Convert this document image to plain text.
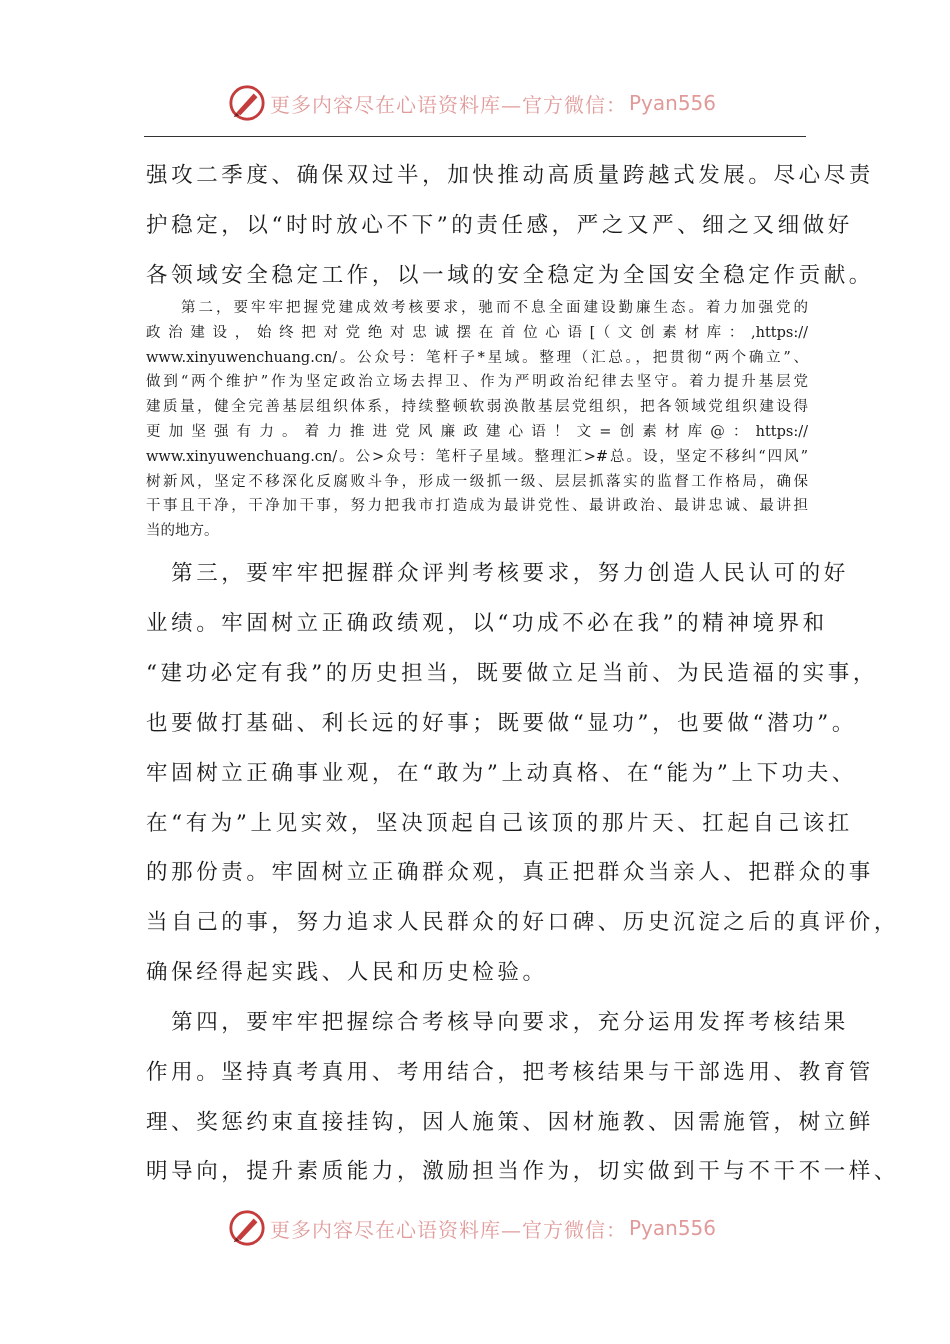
更多内容尽在心语资料库—官方微信： Pyan556
强攻二季度、确保双过半，加快推动高质量跨越式发展。尽心尽责
护稳定，以“时时放心不下”的责任感，严之又严、细之又细做好
各领域安全稳定工作，以一域的安全稳定为全国安全稳定作贡献。

　　第二，要牢牢把握党建成效考核要求，驰而不息全面建设勤廉生态。着力加强党的

政治建设，始终把对党绝对忠诚摆在首位心语[（文创素材库：,https://

www.xinyuwenchuang.cn/。公众号：笔杆子*星域。整理（汇总。，把贯彻“两个确立”、

做到“两个维护”作为坚定政治立场去捍卫、作为严明政治纪律去坚守。着力提升基层党

建质量，健全完善基层组织体系，持续整顿软弱涣散基层党组织，把各领域党组织建设得

更加坚强有力。着力推进党风廉政建心语！文=创素材库@：https://

www.xinyuwenchuang.cn/。公>众号：笔杆子星域。整理汇>#总。设，坚定不移纠“四风”

树新风，坚定不移深化反腐败斗争，形成一级抓一级、层层抓落实的监督工作格局，确保

干事且干净，干净加干事，努力把我市打造成为最讲党性、最讲政治、最讲忠诚、最讲担

当的地方。

　第三，要牢牢把握群众评判考核要求，努力创造人民认可的好
业绩。牢固树立正确政绩观，以“功成不必在我”的精神境界和
“建功必定有我”的历史担当，既要做立足当前、为民造福的实事，
也要做打基础、利长远的好事；既要做“显功”，也要做“潜功”。
牢固树立正确事业观，在“敢为”上动真格、在“能为”上下功夫、
在“有为”上见实效，坚决顶起自己该顶的那片天、扛起自己该扛
的那份责。牢固树立正确群众观，真正把群众当亲人、把群众的事
当自己的事，努力追求人民群众的好口碑、历史沉淀之后的真评价，
确保经得起实践、人民和历史检验。
　第四，要牢牢把握综合考核导向要求，充分运用发挥考核结果
作用。坚持真考真用、考用结合，把考核结果与干部选用、教育管
理、奖惩约束直接挂钩，因人施策、因材施教、因需施管，树立鲜
明导向，提升素质能力，激励担当作为，切实做到干与不干不一样、
更多内容尽在心语资料库—官方微信： Pyan556
